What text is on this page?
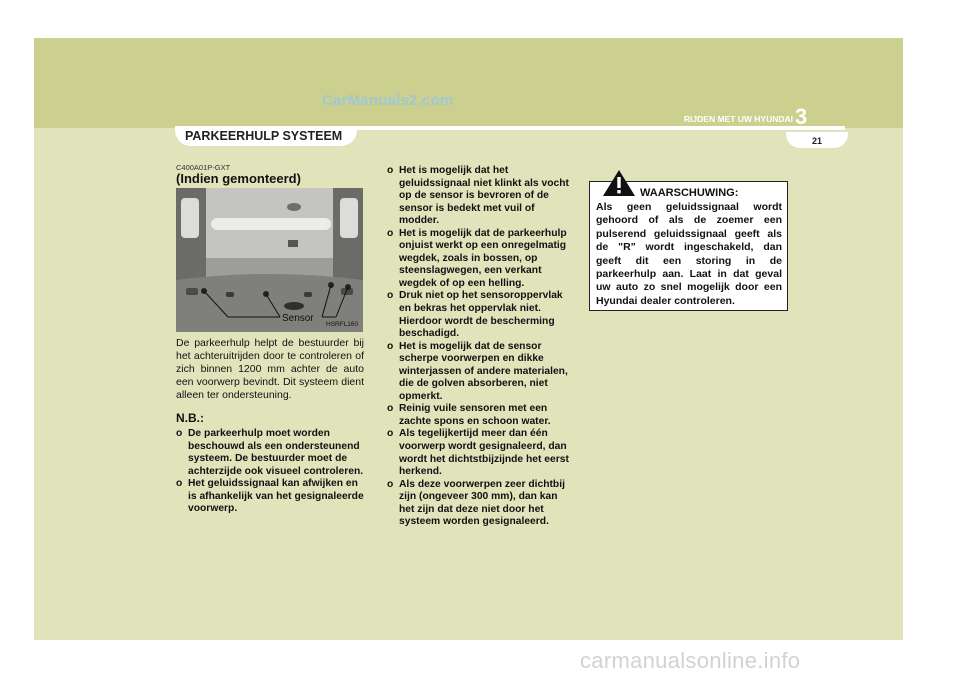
CarManuals2.com
3
RIJDEN MET UW HYUNDAI
PARKEERHULP SYSTEEM	21
C400A01P-GXT
(Indien gemonteerd)
Sensor
HSRFL160
De parkeerhulp helpt de bestuurder bij het achteruitrijden door te controleren of zich binnen 1200 mm achter de auto een voorwerp bevindt. Dit systeem dient alleen ter ondersteuning.
N.B.:
o De parkeerhulp moet worden beschouwd als een ondersteunend systeem. De bestuurder moet de achterzijde ook visueel controleren.
o Het geluidssignaal kan afwijken en is afhankelijk van het gesignaleerde voorwerp.
o Het is mogelijk dat het geluidssignaal niet klinkt als vocht op de sensor is bevroren of de sensor is bedekt met vuil of modder.
o Het is mogelijk dat de parkeerhulp onjuist werkt op een onregelmatig wegdek, zoals in bossen, op steenslagwegen, een verkant wegdek of op een helling.
o Druk niet op het sensoroppervlak en bekras het oppervlak niet. Hierdoor wordt de bescherming beschadigd.
o Het is mogelijk dat de sensor scherpe voorwerpen en dikke winterjassen of andere materialen, die de golven absorberen, niet opmerkt.
o Reinig vuile sensoren met een zachte spons en schoon water.
o Als tegelijkertijd meer dan één voorwerp wordt gesignaleerd, dan wordt het dichtstbijzijnde het eerst herkend.
o Als deze voorwerpen zeer dichtbij zijn (ongeveer 300 mm), dan kan het zijn dat deze niet door het systeem worden gesignaleerd.
WAARSCHUWING:
Als geen geluidssignaal wordt gehoord of als de zoemer een pulserend geluidssignaal geeft als de "R" wordt ingeschakeld, dan geeft dit een storing in de parkeerhulp aan. Laat in dat geval uw auto zo snel mogelijk door een Hyundai dealer controleren.
carmanualsonline.info
